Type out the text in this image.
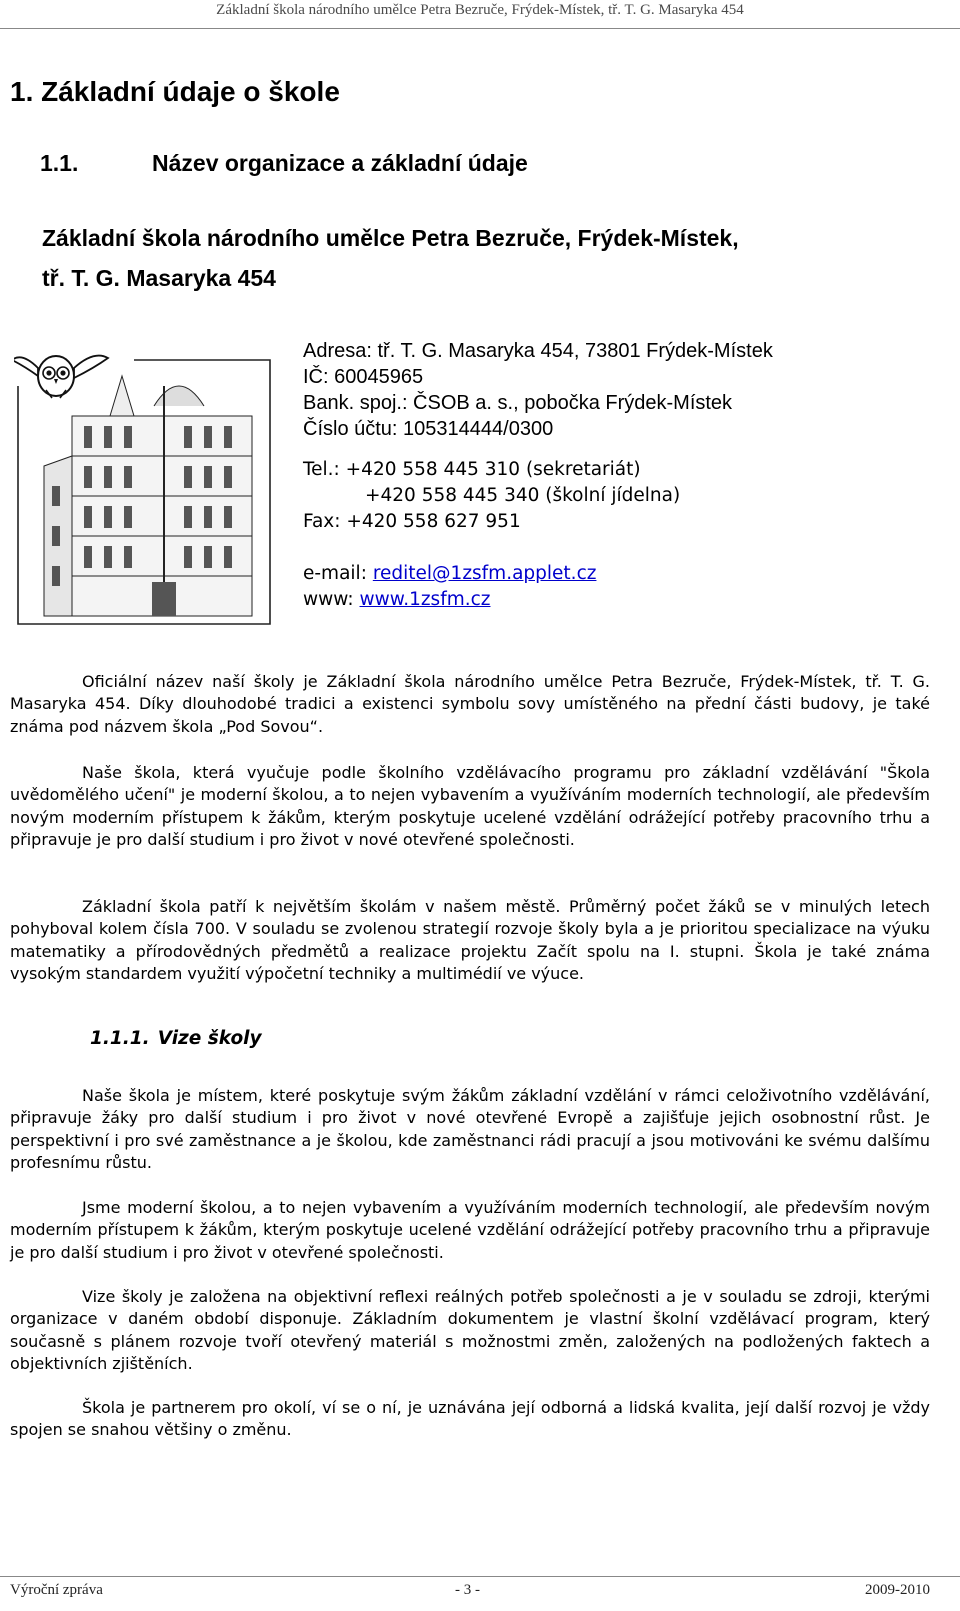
Základní škola národního umělce Petra Bezruče, Frýdek-Místek, tř. T. G. Masaryka 454
1. Základní údaje o škole
1.1.	Název organizace a základní údaje
Základní škola národního umělce Petra Bezruče, Frýdek-Místek,
tř. T. G. Masaryka 454
Adresa: tř. T. G. Masaryka 454, 73801 Frýdek-Místek
IČ: 60045965
Bank. spoj.: ČSOB a. s., pobočka Frýdek-Místek
Číslo účtu: 105314444/0300
Tel.: +420 558 445 310 (sekretariát)
+420 558 445 340 (školní jídelna)
Fax: +420 558 627 951
e-mail: reditel@1zsfm.applet.cz
www: www.1zsfm.cz
Oficiální název naší školy je Základní škola národního umělce Petra Bezruče, Frýdek-Místek, tř. T. G. Masaryka 454. Díky dlouhodobé tradici a existenci symbolu sovy umístěného na přední části budovy, je také známa pod názvem škola „Pod Sovou“.
Naše škola, která vyučuje podle školního vzdělávacího programu pro základní vzdělávání "Škola uvědomělého učení" je moderní školou, a to nejen vybavením a využíváním moderních technologií, ale především novým moderním přístupem k žákům, kterým poskytuje ucelené vzdělání odrážející potřeby pracovního trhu a připravuje je pro další studium i pro život v nové otevřené společnosti.
Základní škola patří k největším školám v našem městě. Průměrný počet žáků se v minulých letech pohyboval kolem čísla 700. V souladu se zvolenou strategií rozvoje školy byla a je prioritou specializace na výuku matematiky a přírodovědných předmětů a realizace projektu Začít spolu na I. stupni. Škola je také známa vysokým standardem využití výpočetní techniky a multimédií ve výuce.
1.1.1. Vize školy
Naše škola je místem, které poskytuje svým žákům základní vzdělání v rámci celoživotního vzdělávání, připravuje žáky pro další studium i pro život v nové otevřené Evropě a zajišťuje jejich osobnostní růst. Je perspektivní i pro své zaměstnance a je školou, kde zaměstnanci rádi pracují a jsou motivováni ke svému dalšímu profesnímu růstu.
Jsme moderní školou, a to nejen vybavením a využíváním moderních technologií, ale především novým moderním přístupem k žákům, kterým poskytuje ucelené vzdělání odrážející potřeby pracovního trhu a připravuje je pro další studium i pro život v otevřené společnosti.
Vize školy je založena na objektivní reflexi reálných potřeb společnosti a je v souladu se zdroji, kterými organizace v daném období disponuje. Základním dokumentem je vlastní školní vzdělávací program, který současně s plánem rozvoje tvoří otevřený materiál s možnostmi změn, založených na podložených faktech a objektivních zjištěních.
Škola je partnerem pro okolí, ví se o ní, je uznávána její odborná a lidská kvalita, její další rozvoj je vždy spojen se snahou většiny o změnu.
Výroční zpráva	- 3 -	2009-2010
